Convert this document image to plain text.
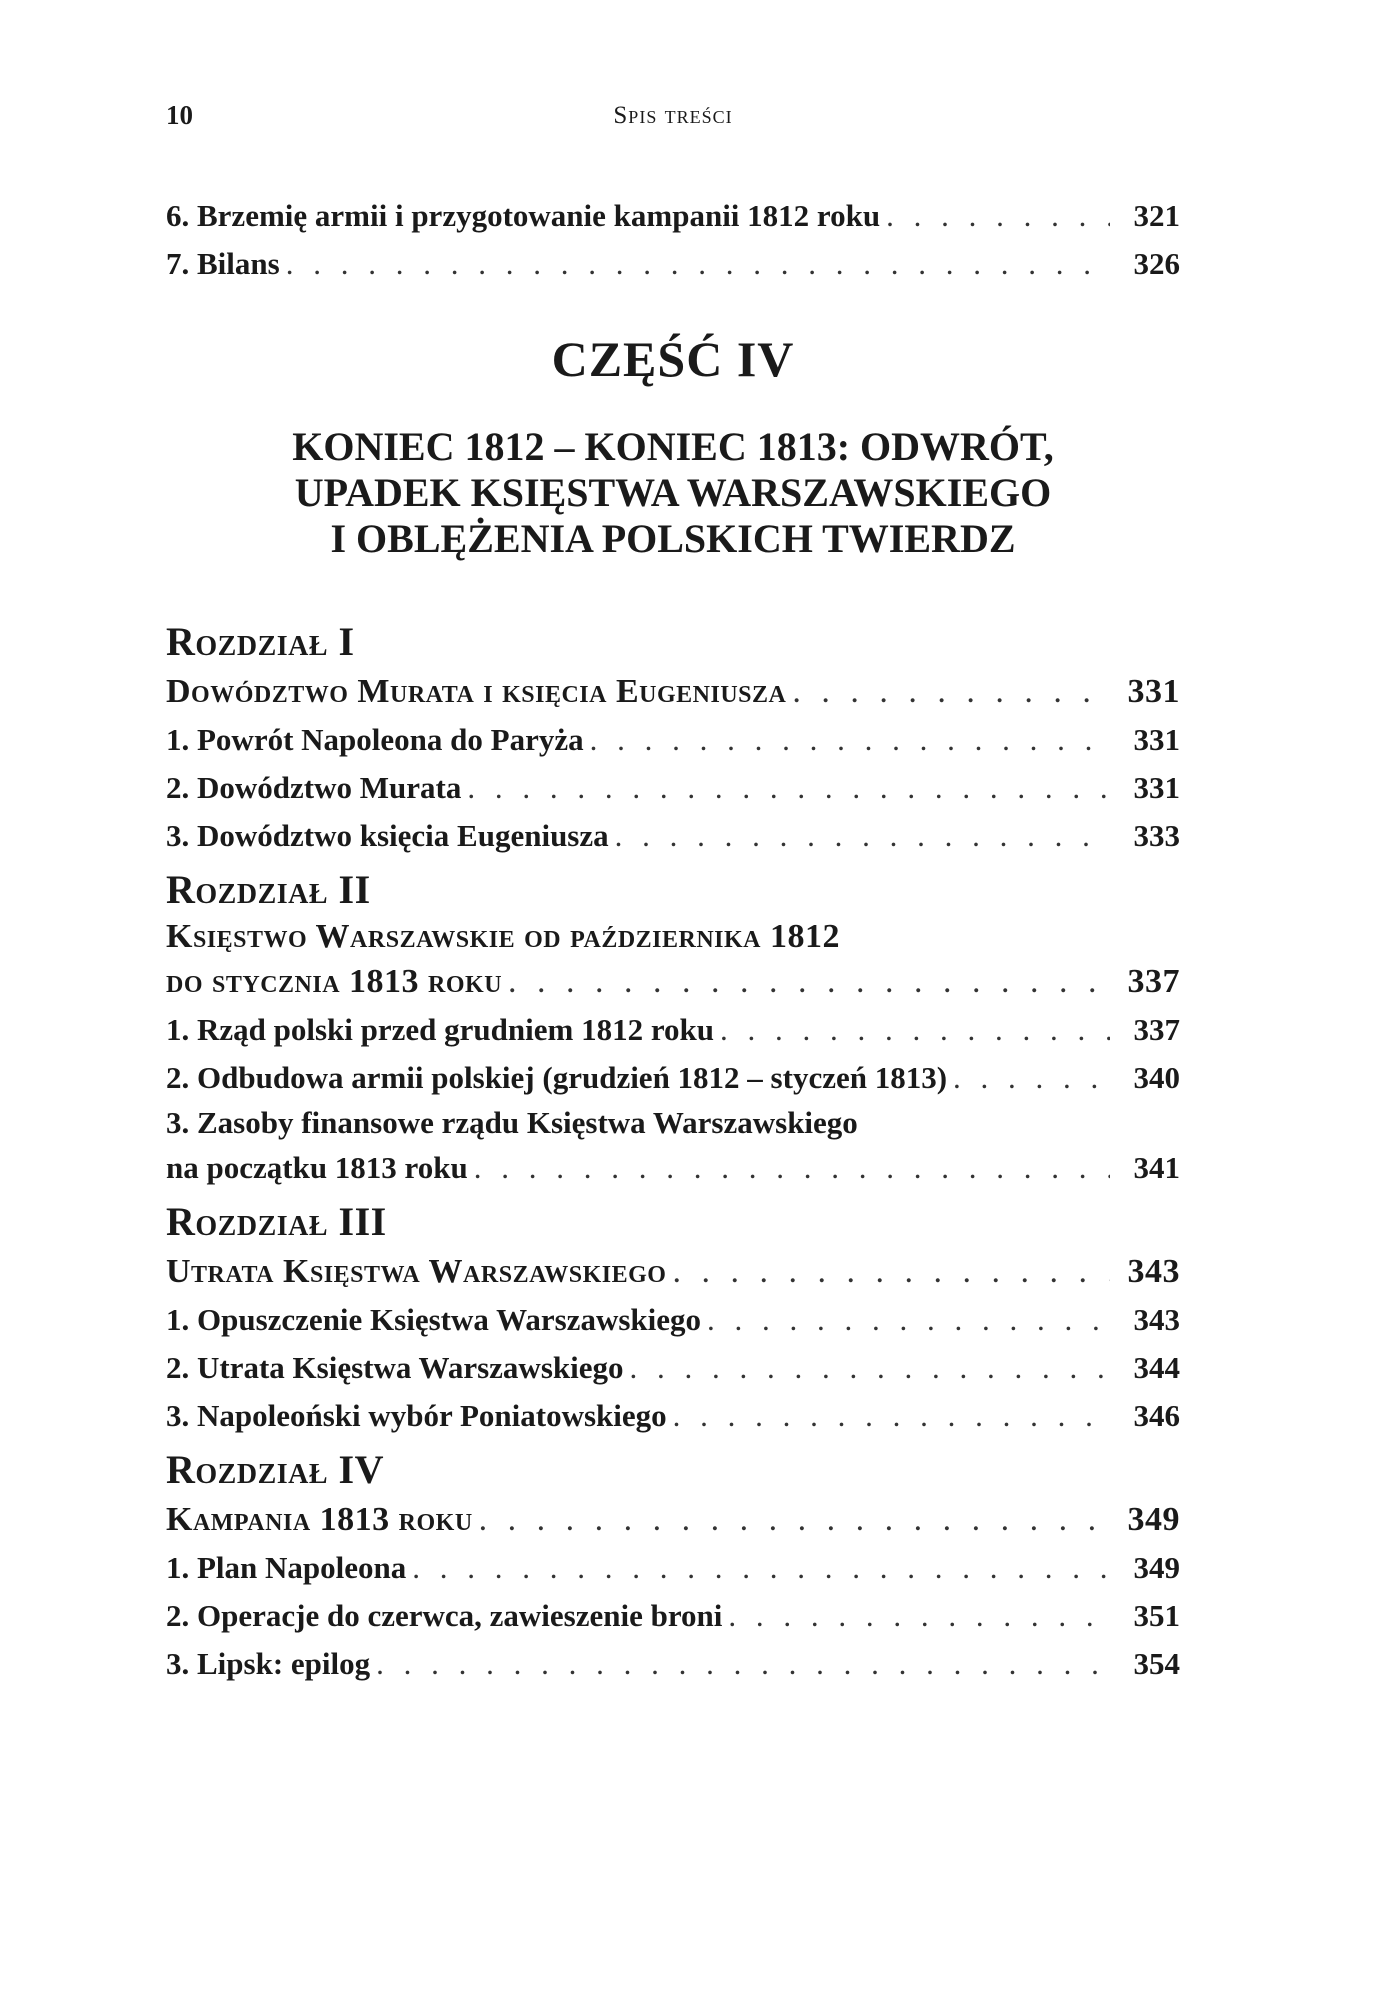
10	Spis treści
6. Brzemię armii i przygotowanie kampanii 1812 roku . . .	321
7. Bilans . . .	326
CZĘŚĆ IV
KONIEC 1812 – KONIEC 1813: ODWRÓT,
UPADEK KSIĘSTWA WARSZAWSKIEGO
I OBLĘŻENIA POLSKICH TWIERDZ
Rozdział I
Dowództwo Murata i księcia Eugeniusza . . .	331
1. Powrót Napoleona do Paryża . . .	331
2. Dowództwo Murata . . .	331
3. Dowództwo księcia Eugeniusza . . .	333
Rozdział II
Księstwo Warszawskie od października 1812
do stycznia 1813 roku . . .	337
1. Rząd polski przed grudniem 1812 roku . . .	337
2. Odbudowa armii polskiej (grudzień 1812 – styczeń 1813) . . .	340
3. Zasoby finansowe rządu Księstwa Warszawskiego
na początku 1813 roku . . .	341
Rozdział III
Utrata Księstwa Warszawskiego . . .	343
1. Opuszczenie Księstwa Warszawskiego . . .	343
2. Utrata Księstwa Warszawskiego . . .	344
3. Napoleoński wybór Poniatowskiego . . .	346
Rozdział IV
Kampania 1813 roku . . .	349
1. Plan Napoleona . . .	349
2. Operacje do czerwca, zawieszenie broni . . .	351
3. Lipsk: epilog . . .	354
